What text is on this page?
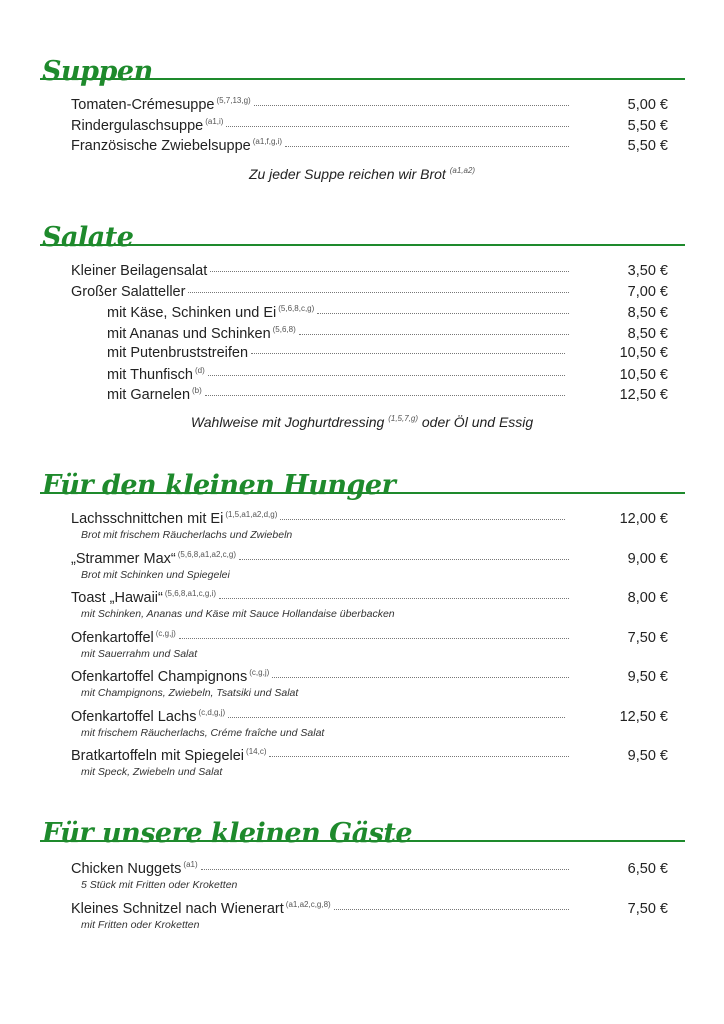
Suppen
Tomaten-Crémesuppe $^{(5,7,13,g)}$	5,00 €
Rindergulaschsuppe $^{(a1,i)}$	5,50 €
Französische Zwiebelsuppe $^{(a1,f,g,i)}$	5,50 €
Zu jeder Suppe reichen wir Brot $^{(a1,a2)}$
Salate
Kleiner Beilagensalat	3,50 €
Großer Salatteller	7,00 €
mit Käse, Schinken und Ei $^{(5,6,8,c,g)}$	8,50 €
mit Ananas und Schinken $^{(5,6,8)}$	8,50 €
mit Putenbruststreifen	10,50 €
mit Thunfisch $^{(d)}$	10,50 €
mit Garnelen $^{(b)}$	12,50 €
Wahlweise mit Joghurtdressing $^{(1,5,7,g)}$ oder Öl und Essig
Für den kleinen Hunger
Lachsschnittchen mit Ei $^{(1,5,a1,a2,d,g)}$	12,00 €
Brot mit frischem Räucherlachs und Zwiebeln
„Strammer Max“ $^{(5,6,8,a1,a2,c,g)}$	9,00 €
Brot mit Schinken und Spiegelei
Toast „Hawaii“ $^{(5,6,8,a1,c,g,i)}$	8,00 €
mit Schinken, Ananas und Käse mit Sauce Hollandaise überbacken
Ofenkartoffel $^{(c,g,j)}$	7,50 €
mit Sauerrahm und Salat
Ofenkartoffel Champignons $^{(c,g,j)}$	9,50 €
mit Champignons, Zwiebeln, Tsatsiki und Salat
Ofenkartoffel Lachs $^{(c,d,g,j)}$	12,50 €
mit frischem Räucherlachs, Créme fraîche und Salat
Bratkartoffeln mit Spiegelei $^{(14,c)}$	9,50 €
mit Speck, Zwiebeln und Salat
Für unsere kleinen Gäste
Chicken Nuggets $^{(a1)}$	6,50 €
5 Stück mit Fritten oder Kroketten
Kleines Schnitzel nach Wienerart $^{(a1,a2,c,g,8)}$	7,50 €
mit Fritten oder Kroketten
